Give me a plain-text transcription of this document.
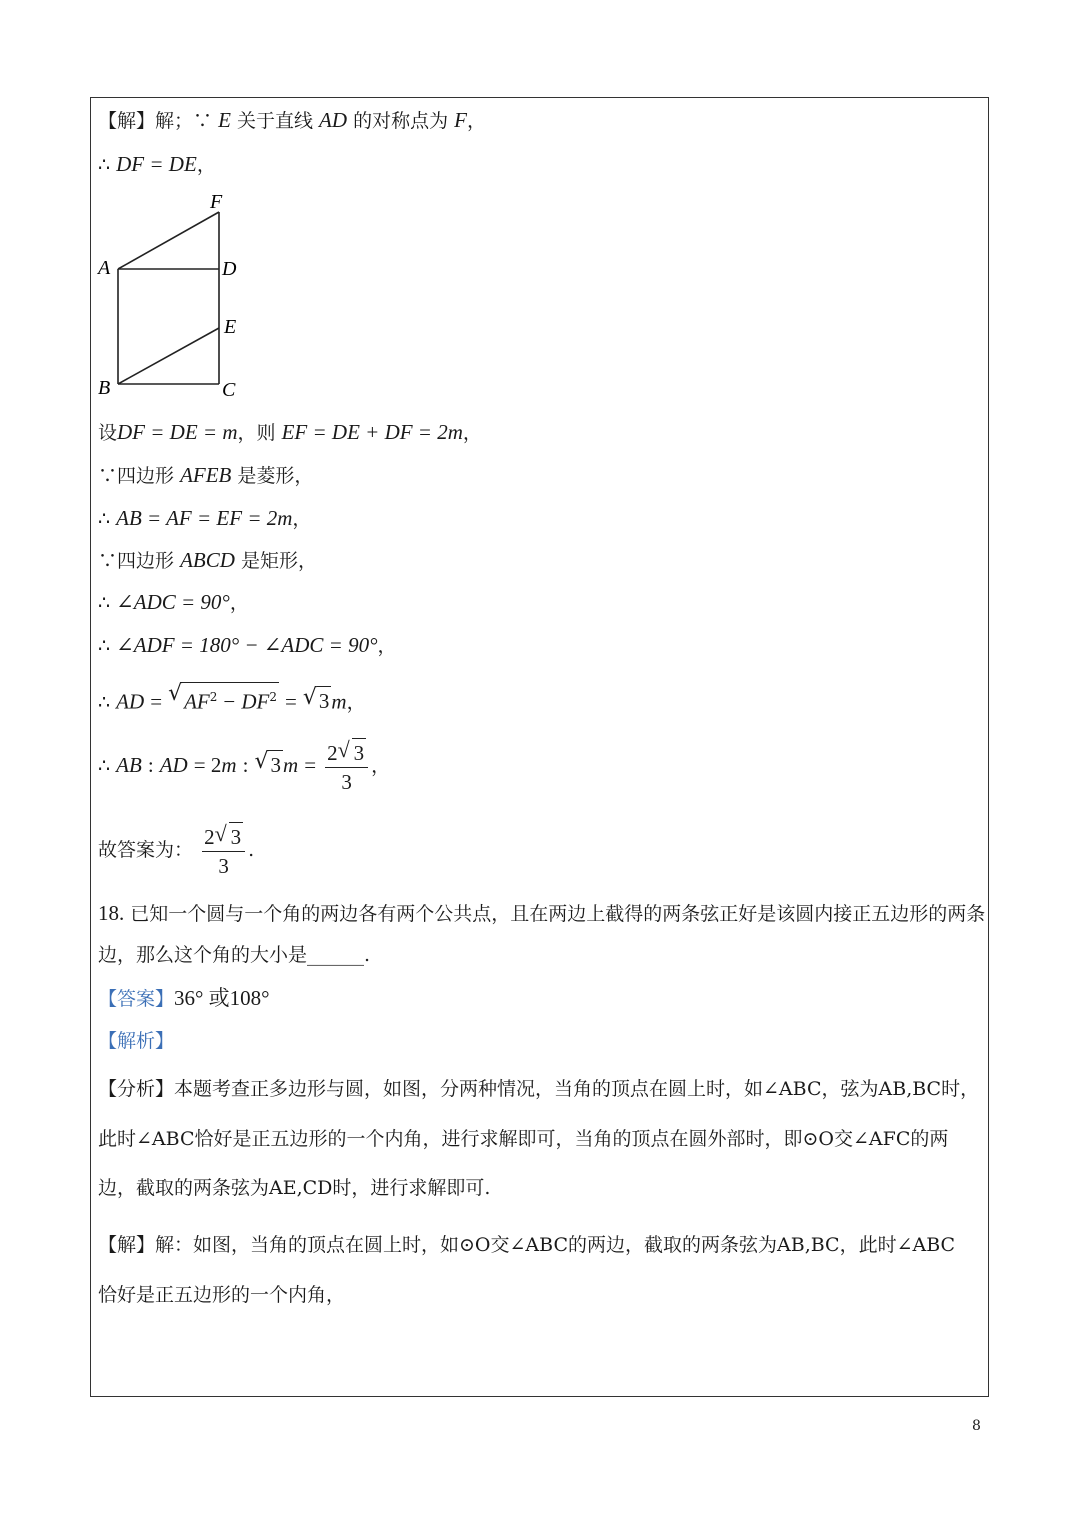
【解】解；∵ E 关于直线 AD 的对称点为 F，
∴ DF = DE，
F
A	D
E
B	C
设DF = DE = m，则 EF = DE + DF = 2m，
∵四边形 AFEB 是菱形，
∴ AB = AF = EF = 2m，
∵四边形 ABCD 是矩形，
∴ ∠ADC = 90°，
∴ ∠ADF = 180° − ∠ADC = 90°，
∴ AD = √ $AF^2 - DF^2$ = √ 3m，
∴ AB : AD = 2m : √ $3m = \frac{2 √ 3}{3}$ ，
故答案为： $\frac{2 √ 3}{3}$ .
18. 已知一个圆与一个角的两边各有两个公共点，且在两边上截得的两条弦正好是该圆内接正五边形的两条
边，那么这个角的大小是______.
【答案】36° 或108°
【解析】
【分析】本题考查正多边形与圆，如图，分两种情况，当角的顶点在圆上时，如∠ABC，弦为AB,BC时，
此时∠ABC恰好是正五边形的一个内角，进行求解即可，当角的顶点在圆外部时，即⊙O交∠AFC的两
边，截取的两条弦为AE,CD时，进行求解即可.
【解】解：如图，当角的顶点在圆上时，如⊙O交∠ABC的两边，截取的两条弦为AB,BC，此时∠ABC
恰好是正五边形的一个内角，
8
